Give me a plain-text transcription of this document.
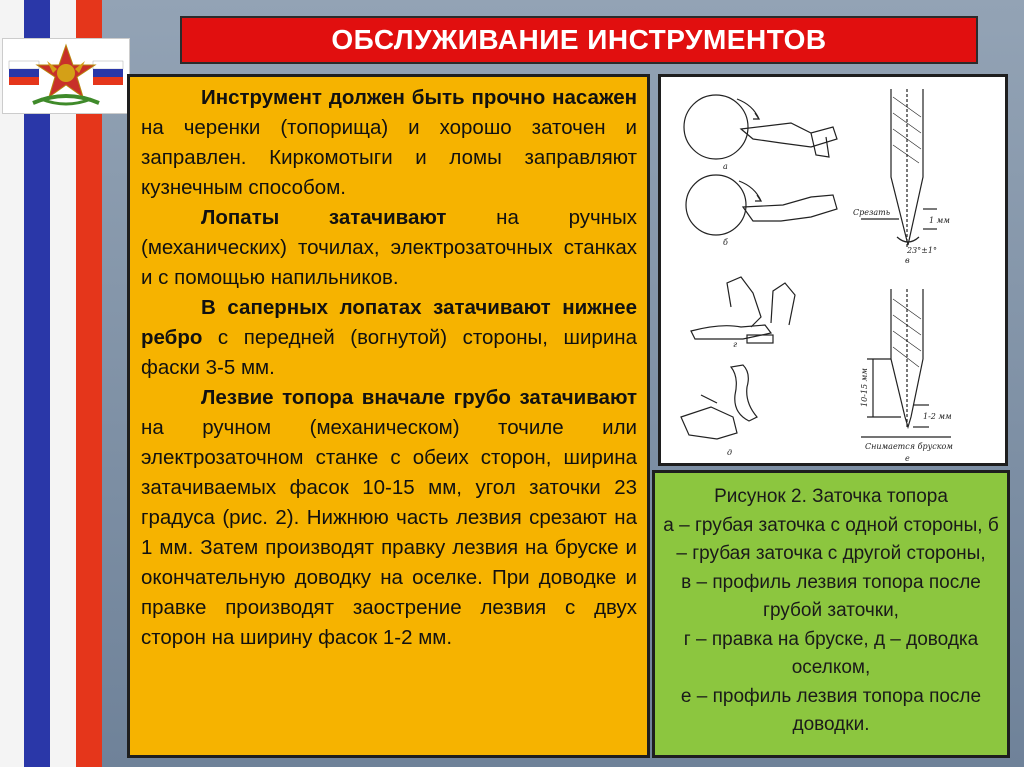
ОБСЛУЖИВАНИЕ ИНСТРУМЕНТОВ

Инструмент должен быть прочно насажен на черенки (топорища) и хорошо заточен и заправлен. Киркомотыги и ломы заправляют кузнечным способом.

Лопаты затачивают на ручных (механических) точилах, электрозаточных станках и с помощью напильников.

В саперных лопатах затачивают нижнее ребро с передней (вогнутой) стороны, ширина фаски 3-5 мм.

Лезвие топора вначале грубо затачивают на ручном (механическом) точиле или электрозаточном станке с обеих сторон, ширина затачиваемых фасок 10-15 мм, угол заточки 23 градуса (рис. 2). Нижнюю часть лезвия срезают на 1 мм. Затем производят правку лезвия на бруске и окончательную доводку на оселке. При доводке и правке производят заострение лезвия с двух сторон на ширину фасок 1-2 мм.

а
б
в
г
д
Срезать
1 мм
23°±1°
10-15 мм
1-2 мм
Снимается бруском
е
Рисунок 2. Заточка топора
а – грубая заточка с одной стороны, б – грубая заточка с другой стороны,
в – профиль лезвия топора после грубой заточки,
г – правка на бруске, д – доводка оселком,
е – профиль лезвия топора после доводки.
